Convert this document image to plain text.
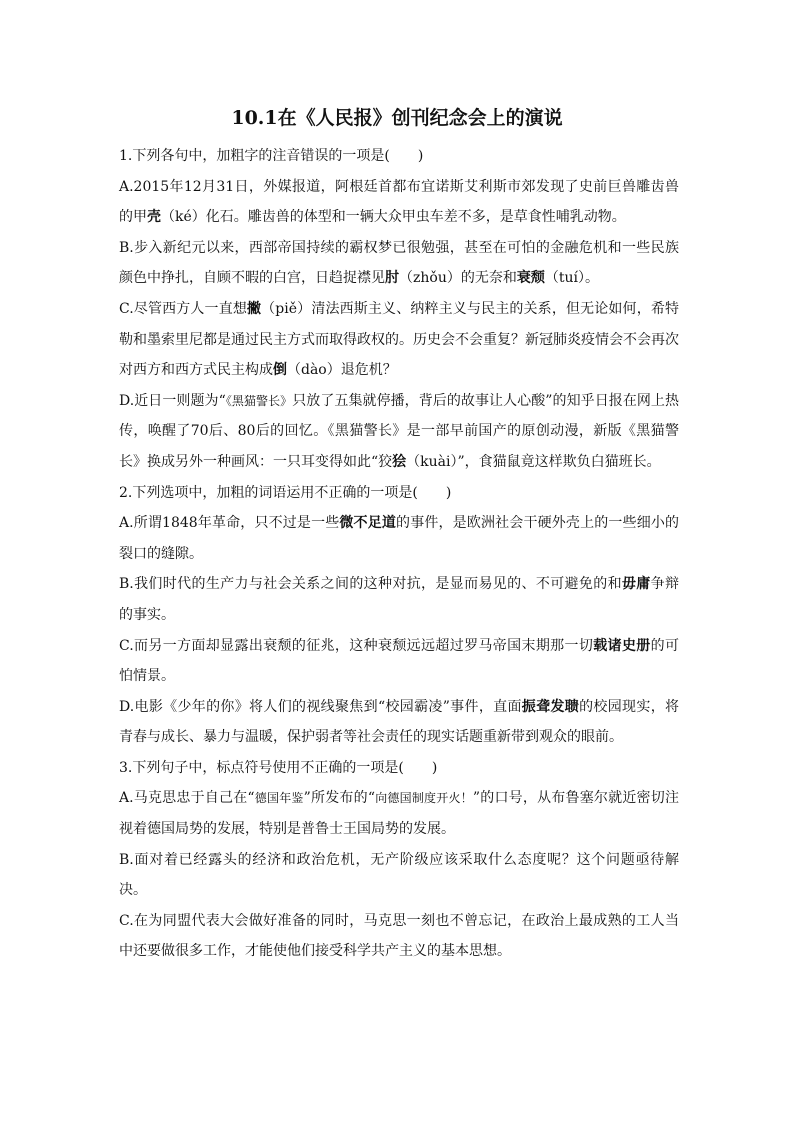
10.1在《人民报》创刊纪念会上的演说

1.下列各句中，加粗字的注音错误的一项是(　　)

A.2015年12月31日，外媒报道，阿根廷首都布宜诺斯艾利斯市郊发现了史前巨兽雕齿兽的甲壳（ké）化石。雕齿兽的体型和一辆大众甲虫车差不多，是草食性哺乳动物。

B.步入新纪元以来，西部帝国持续的霸权梦已很勉强，甚至在可怕的金融危机和一些民族颜色中挣扎，自顾不暇的白宫，日趋捉襟见肘（zhǒu）的无奈和衰颓（tuí）。

C.尽管西方人一直想撇（piě）清法西斯主义、纳粹主义与民主的关系，但无论如何，希特勒和墨索里尼都是通过民主方式而取得政权的。历史会不会重复？新冠肺炎疫情会不会再次对西方和西方式民主构成倒（dào）退危机？

D.近日一则题为“《黑猫警长》只放了五集就停播，背后的故事让人心酸”的知乎日报在网上热传，唤醒了70后、80后的回忆。《黑猫警长》是一部早前国产的原创动漫，新版《黑猫警长》换成另外一种画风：一只耳变得如此“狡狯（kuài）”，食猫鼠竟这样欺负白猫班长。

2.下列选项中，加粗的词语运用不正确的一项是(　　)

A.所谓1848年革命，只不过是一些微不足道的事件，是欧洲社会干硬外壳上的一些细小的裂口的缝隙。

B.我们时代的生产力与社会关系之间的这种对抗，是显而易见的、不可避免的和毋庸争辩的事实。

C.而另一方面却显露出衰颓的征兆，这种衰颓远远超过罗马帝国末期那一切载诸史册的可怕情景。

D.电影《少年的你》将人们的视线聚焦到“校园霸凌”事件，直面振聋发聩的校园现实，将青春与成长、暴力与温暖，保护弱者等社会责任的现实话题重新带到观众的眼前。

3.下列句子中，标点符号使用不正确的一项是(　　)

A.马克思忠于自己在“德国年鉴”所发布的“向德国制度开火！”的口号，从布鲁塞尔就近密切注视着德国局势的发展，特别是普鲁士王国局势的发展。

B.面对着已经露头的经济和政治危机，无产阶级应该采取什么态度呢？这个问题亟待解决。

C.在为同盟代表大会做好准备的同时，马克思一刻也不曾忘记，在政治上最成熟的工人当中还要做很多工作，才能使他们接受科学共产主义的基本思想。
